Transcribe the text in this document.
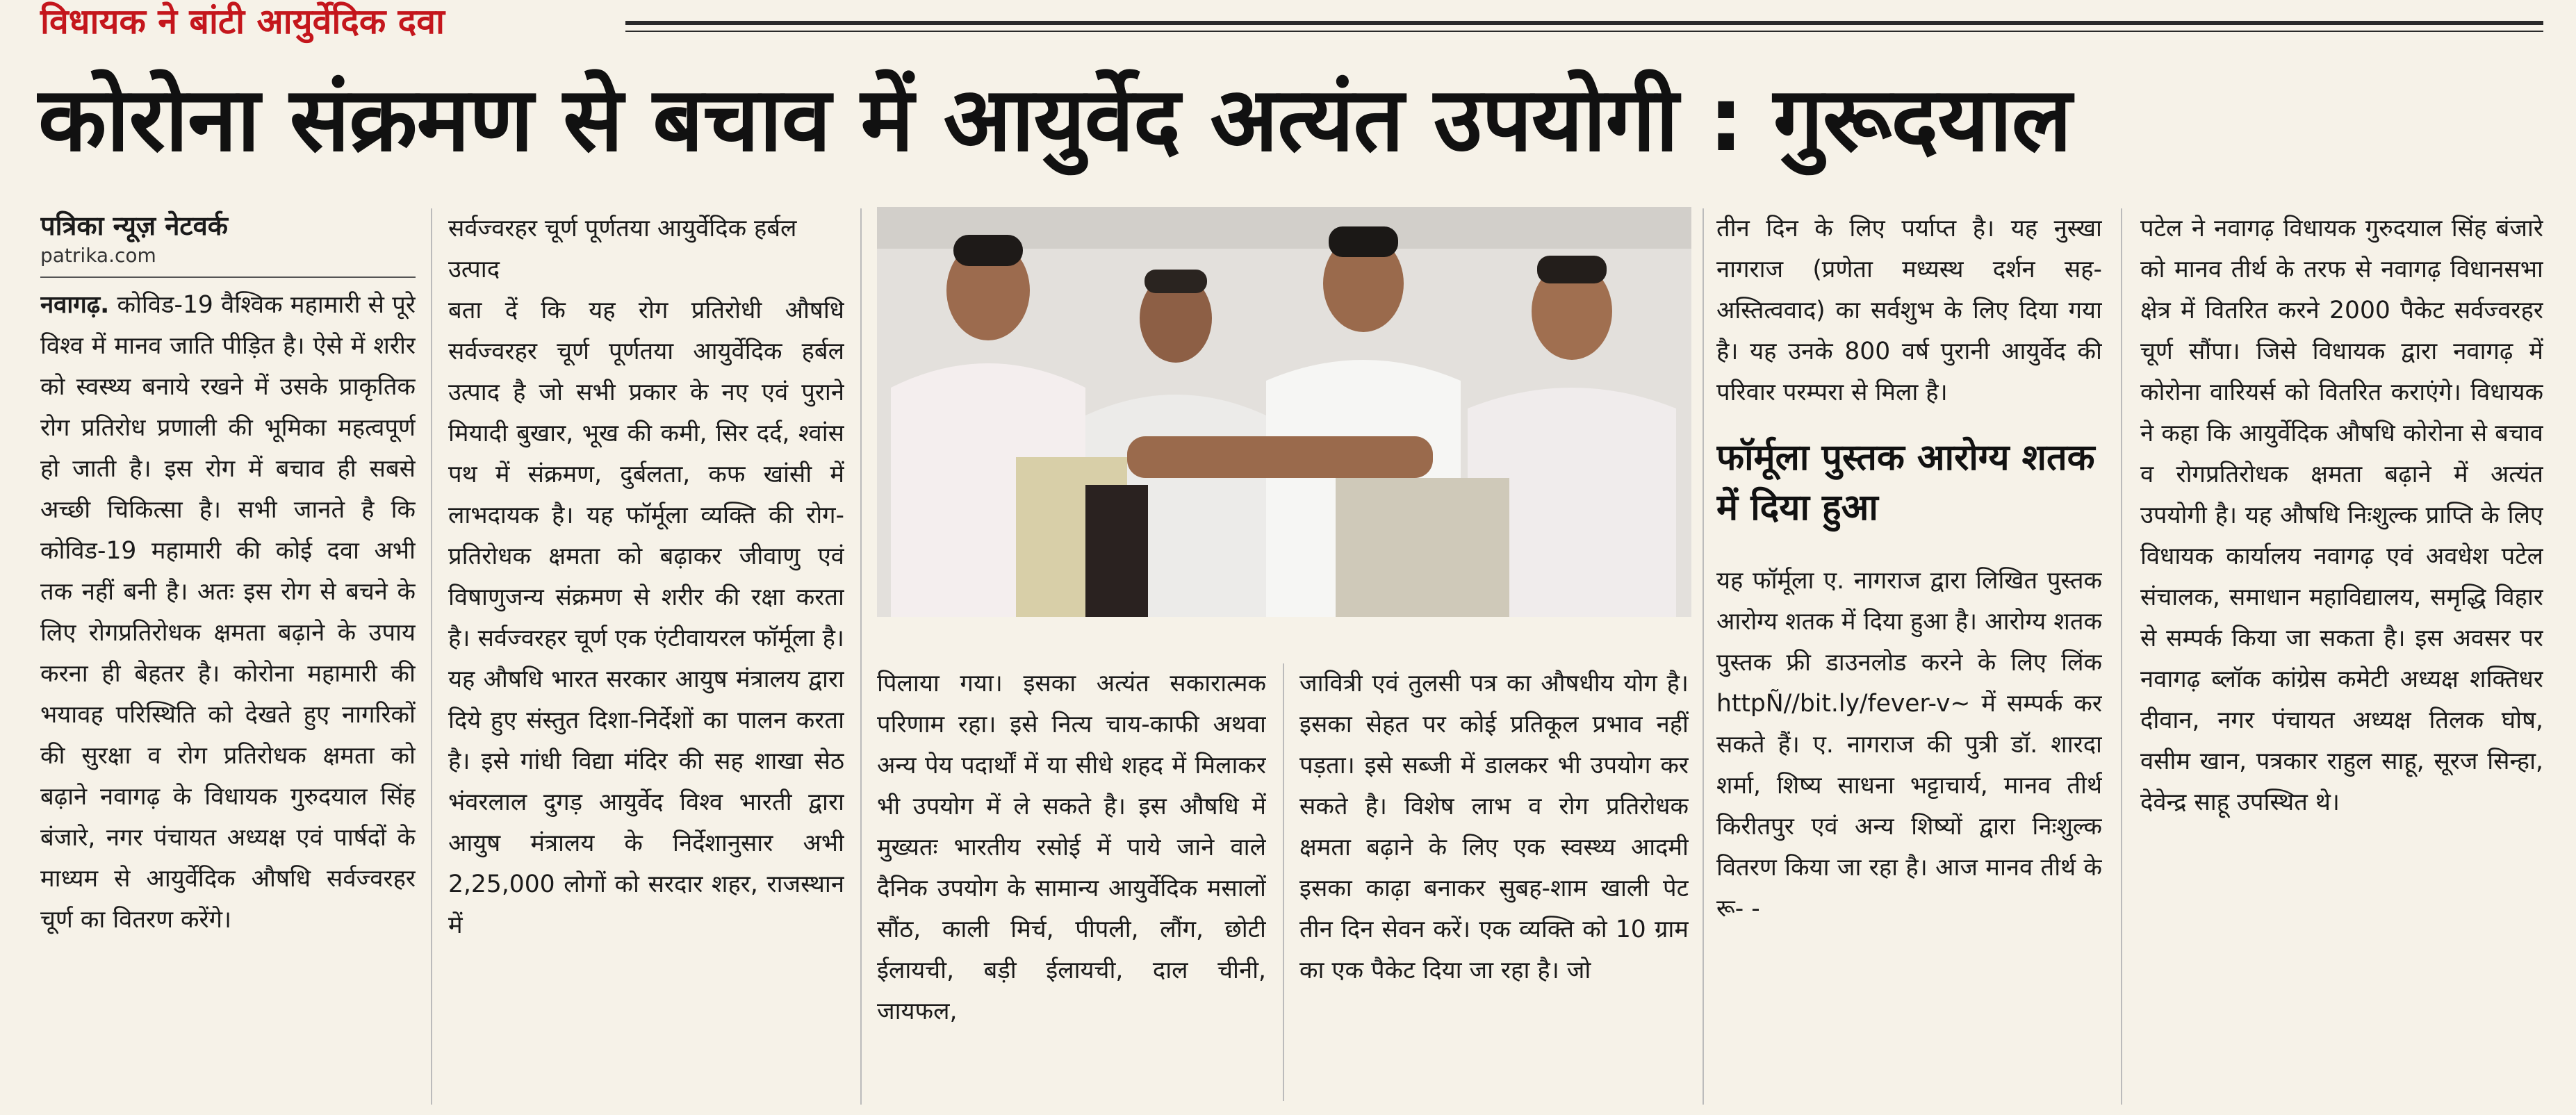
विधायक ने बांटी आयुर्वेदिक दवा
कोरोना संक्रमण से बचाव में आयुर्वेद अत्यंत उपयोगी : गुरूदयाल
पत्रिका न्यूज़ नेटवर्क
patrika.com

नवागढ़. कोविड-19 वैश्विक महामारी से पूरे विश्व में मानव जाति पीड़ित है। ऐसे में शरीर को स्वस्थ्य बनाये रखने में उसके प्राकृतिक रोग प्रतिरोध प्रणाली की भूमिका महत्वपूर्ण हो जाती है। इस रोग में बचाव ही सबसे अच्छी चिकित्सा है। सभी जानते है कि कोविड-19 महामारी की कोई दवा अभी तक नहीं बनी है। अतः इस रोग से बचने के लिए रोगप्रतिरोधक क्षमता बढ़ाने के उपाय करना ही बेहतर है। कोरोना महामारी की भयावह परिस्थिति को देखते हुए नागरिकों की सुरक्षा व रोग प्रतिरोधक क्षमता को बढ़ाने नवागढ़ के विधायक गुरुदयाल सिंह बंजारे, नगर पंचायत अध्यक्ष एवं पार्षदों के माध्यम से आयुर्वेदिक औषधि सर्वज्वरहर चूर्ण का वितरण करेंगे।

सर्वज्वरहर चूर्ण पूर्णतया आयुर्वेदिक हर्बल उत्पाद

बता दें कि यह रोग प्रतिरोधी औषधि सर्वज्वरहर चूर्ण पूर्णतया आयुर्वेदिक हर्बल उत्पाद है जो सभी प्रकार के नए एवं पुराने मियादी बुखार, भूख की कमी, सिर दर्द, श्वांस पथ में संक्रमण, दुर्बलता, कफ खांसी में लाभदायक है। यह फॉर्मूला व्यक्ति की रोग-प्रतिरोधक क्षमता को बढ़ाकर जीवाणु एवं विषाणुजन्य संक्रमण से शरीर की रक्षा करता है। सर्वज्वरहर चूर्ण एक एंटीवायरल फॉर्मूला है। यह औषधि भारत सरकार आयुष मंत्रालय द्वारा दिये हुए संस्तुत दिशा-निर्देशों का पालन करता है। इसे गांधी विद्या मंदिर की सह शाखा सेठ भंवरलाल दुगड़ आयुर्वेद विश्व भारती द्वारा आयुष मंत्रालय के निर्देशानुसार अभी 2,25,000 लोगों को सरदार शहर, राजस्थान में

पिलाया गया। इसका अत्यंत सकारात्मक परिणाम रहा। इसे नित्य चाय-काफी अथवा अन्य पेय पदार्थों में या सीधे शहद में मिलाकर भी उपयोग में ले सकते है। इस औषधि में मुख्यतः भारतीय रसोई में पाये जाने वाले दैनिक उपयोग के सामान्य आयुर्वेदिक मसालों सौंठ, काली मिर्च, पीपली, लौंग, छोटी ईलायची, बड़ी ईलायची, दाल चीनी, जायफल,

जावित्री एवं तुलसी पत्र का औषधीय योग है। इसका सेहत पर कोई प्रतिकूल प्रभाव नहीं पड़ता। इसे सब्जी में डालकर भी उपयोग कर सकते है। विशेष लाभ व रोग प्रतिरोधक क्षमता बढ़ाने के लिए एक स्वस्थ्य आदमी इसका काढ़ा बनाकर सुबह-शाम खाली पेट तीन दिन सेवन करें। एक व्यक्ति को 10 ग्राम का एक पैकेट दिया जा रहा है। जो

तीन दिन के लिए पर्याप्त है। यह नुस्खा नागराज (प्रणेता मध्यस्थ दर्शन सह-अस्तित्ववाद) का सर्वशुभ के लिए दिया गया है। यह उनके 800 वर्ष पुरानी आयुर्वेद की परिवार परम्परा से मिला है।

फॉर्मूला पुस्तक आरोग्य शतक में दिया हुआ

यह फॉर्मूला ए. नागराज द्वारा लिखित पुस्तक आरोग्य शतक में दिया हुआ है। आरोग्य शतक पुस्तक फ्री डाउनलोड करने के लिए लिंक httpÑ//bit.ly/fever-v~ में सम्पर्क कर सकते हैं। ए. नागराज की पुत्री डॉ. शारदा शर्मा, शिष्य साधना भट्टाचार्य, मानव तीर्थ किरीतपुर एवं अन्य शिष्यों द्वारा निःशुल्क वितरण किया जा रहा है। आज मानव तीर्थ के रू- -

पटेल ने नवागढ़ विधायक गुरुदयाल सिंह बंजारे को मानव तीर्थ के तरफ से नवागढ़ विधानसभा क्षेत्र में वितरित करने 2000 पैकेट सर्वज्वरहर चूर्ण सौंपा। जिसे विधायक द्वारा नवागढ़ में कोरोना वारियर्स को वितरित कराएंगे। विधायक ने कहा कि आयुर्वेदिक औषधि कोरोना से बचाव व रोगप्रतिरोधक क्षमता बढ़ाने में अत्यंत उपयोगी है। यह औषधि निःशुल्क प्राप्ति के लिए विधायक कार्यालय नवागढ़ एवं अवधेश पटेल संचालक, समाधान महाविद्यालय, समृद्धि विहार से सम्पर्क किया जा सकता है। इस अवसर पर नवागढ़ ब्लॉक कांग्रेस कमेटी अध्यक्ष शक्तिधर दीवान, नगर पंचायत अध्यक्ष तिलक घोष, वसीम खान, पत्रकार राहुल साहू, सूरज सिन्हा, देवेन्द्र साहू उपस्थित थे।
